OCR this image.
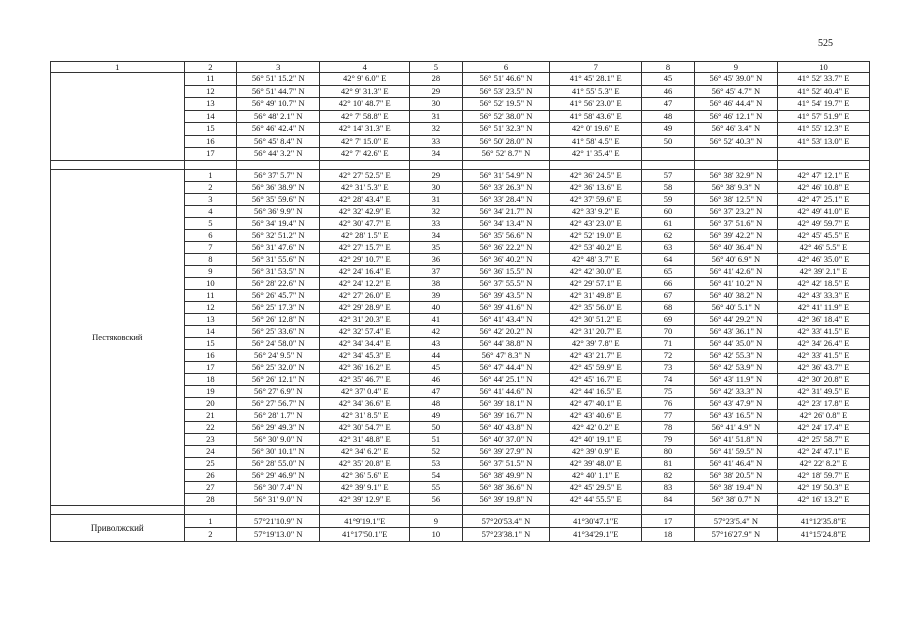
525
1	2	3	4	5	6	7	8	9	10
	11	56° 51' 15.2" N	42° 9' 6.0" E	28	56° 51' 46.6" N	41° 45' 28.1" E	45	56° 45' 39.0" N	41° 52' 33.7" E
	12	56° 51' 44.7" N	42° 9' 31.3" E	29	56° 53' 23.5" N	41° 55' 5.3" E	46	56° 45' 4.7" N	41° 52' 40.4" E
	13	56° 49' 10.7" N	42° 10' 48.7" E	30	56° 52' 19.5" N	41° 56' 23.0" E	47	56° 46' 44.4" N	41° 54' 19.7" E
	14	56° 48' 2.1" N	42° 7' 58.8" E	31	56° 52' 38.0" N	41° 58' 43.6" E	48	56° 46' 12.1" N	41° 57' 51.9" E
	15	56° 46' 42.4" N	42° 14' 31.3" E	32	56° 51' 32.3" N	42° 0' 19.6" E	49	56° 46' 3.4" N	41° 55' 12.3" E
	16	56° 45' 8.4" N	42° 7' 15.0" E	33	56° 50' 28.0" N	41° 58' 4.5" E	50	56° 52' 40.3" N	41° 53' 13.0" E
	17	56° 44' 3.2" N	42° 7' 42.6" E	34	56° 52' 8.7" N	42° 1' 35.4" E			

Пестяковский	1	56° 37' 5.7" N	42° 27' 52.5" E	29	56° 31' 54.9" N	42° 36' 24.5" E	57	56° 38' 32.9" N	42° 47' 12.1" E
	2	56° 36' 38.9" N	42° 31' 5.3" E	30	56° 33' 26.3" N	42° 36' 13.6" E	58	56° 38' 9.3" N	42° 46' 10.8" E
	3	56° 35' 59.6" N	42° 28' 43.4" E	31	56° 33' 28.4" N	42° 37' 59.6" E	59	56° 38' 12.5" N	42° 47' 25.1" E
	4	56° 36' 9.9" N	42° 32' 42.9" E	32	56° 34' 21.7" N	42° 33' 9.2" E	60	56° 37' 23.2" N	42° 49' 41.0" E
	5	56° 34' 19.4" N	42° 30' 47.7" E	33	56° 34' 13.4" N	42° 43' 23.0" E	61	56° 37' 51.6" N	42° 49' 59.7" E
	6	56° 32' 51.2" N	42° 28' 1.5" E	34	56° 35' 56.6" N	42° 52' 19.0" E	62	56° 39' 42.2" N	42° 45' 45.5" E
	7	56° 31' 47.6" N	42° 27' 15.7" E	35	56° 36' 22.2" N	42° 53' 40.2" E	63	56° 40' 36.4" N	42° 46' 5.5" E
	8	56° 31' 55.6" N	42° 29' 10.7" E	36	56° 36' 40.2" N	42° 48' 3.7" E	64	56° 40' 6.9" N	42° 46' 35.0" E
	9	56° 31' 53.5" N	42° 24' 16.4" E	37	56° 36' 15.5" N	42° 42' 30.0" E	65	56° 41' 42.6" N	42° 39' 2.1" E
	10	56° 28' 22.6" N	42° 24' 12.2" E	38	56° 37' 55.5" N	42° 29' 57.1" E	66	56° 41' 10.2" N	42° 42' 18.5" E
	11	56° 26' 45.7" N	42° 27' 26.0" E	39	56° 39' 43.5" N	42° 31' 49.8" E	67	56° 40' 38.2" N	42° 43' 33.3" E
	12	56° 25' 17.3" N	42° 29' 28.9" E	40	56° 39' 41.6" N	42° 35' 56.0" E	68	56° 40' 5.1" N	42° 41' 11.9" E
	13	56° 26' 12.8" N	42° 31' 20.3" E	41	56° 41' 43.4" N	42° 30' 51.2" E	69	56° 44' 29.2" N	42° 36' 18.4" E
	14	56° 25' 33.6" N	42° 32' 57.4" E	42	56° 42' 20.2" N	42° 31' 20.7" E	70	56° 43' 36.1" N	42° 33' 41.5" E
	15	56° 24' 58.0" N	42° 34' 34.4" E	43	56° 44' 38.8" N	42° 39' 7.8" E	71	56° 44' 35.0" N	42° 34' 26.4" E
	16	56° 24' 9.5" N	42° 34' 45.3" E	44	56° 47' 8.3" N	42° 43' 21.7" E	72	56° 42' 55.3" N	42° 33' 41.5" E
	17	56° 25' 32.0" N	42° 36' 16.2" E	45	56° 47' 44.4" N	42° 45' 59.9" E	73	56° 42' 53.9" N	42° 36' 43.7" E
	18	56° 26' 12.1" N	42° 35' 46.7" E	46	56° 44' 25.1" N	42° 45' 16.7" E	74	56° 43' 11.9" N	42° 30' 20.8" E
	19	56° 27' 6.9" N	42° 37' 0.4" E	47	56° 41' 44.6" N	42° 44' 16.5" E	75	56° 42' 33.3" N	42° 31' 49.5" E
	20	56° 27' 56.7" N	42° 34' 36.6" E	48	56° 39' 18.1" N	42° 47' 40.1" E	76	56° 43' 47.9" N	42° 23' 17.8" E
	21	56° 28' 1.7" N	42° 31' 8.5" E	49	56° 39' 16.7" N	42° 43' 40.6" E	77	56° 43' 16.5" N	42° 26' 0.8" E
	22	56° 29' 49.3" N	42° 30' 54.7" E	50	56° 40' 43.8" N	42° 42' 0.2" E	78	56° 41' 4.9" N	42° 24' 17.4" E
	23	56° 30' 9.0" N	42° 31' 48.8" E	51	56° 40' 37.0" N	42° 40' 19.1" E	79	56° 41' 51.8" N	42° 25' 58.7" E
	24	56° 30' 10.1" N	42° 34' 6.2" E	52	56° 39' 27.9" N	42° 39' 0.9" E	80	56° 41' 59.5" N	42° 24' 47.1" E
	25	56° 28' 55.0" N	42° 35' 20.8" E	53	56° 37' 51.5" N	42° 39' 48.0" E	81	56° 41' 46.4" N	42° 22' 8.2" E
	26	56° 29' 46.9" N	42° 36' 5.6" E	54	56° 38' 49.9" N	42° 40' 1.1" E	82	56° 38' 20.5" N	42° 18' 59.7" E
	27	56° 30' 7.4" N	42° 39' 9.1" E	55	56° 38' 36.6" N	42° 45' 29.5" E	83	56° 38' 19.4" N	42° 19' 50.3" E
	28	56° 31' 9.0" N	42° 39' 12.9" E	56	56° 39' 19.8" N	42° 44' 55.5" E	84	56° 38' 0.7" N	42° 16' 13.2" E

Приволжский	1	57°21'10.9" N	41°9'19.1"E	9	57°20'53.4" N	41°30'47.1"E	17	57°23'5.4" N	41°12'35.8"E
	2	57°19'13.0" N	41°17'50.1"E	10	57°23'38.1" N	41°34'29.1"E	18	57°16'27.9" N	41°15'24.8"E
